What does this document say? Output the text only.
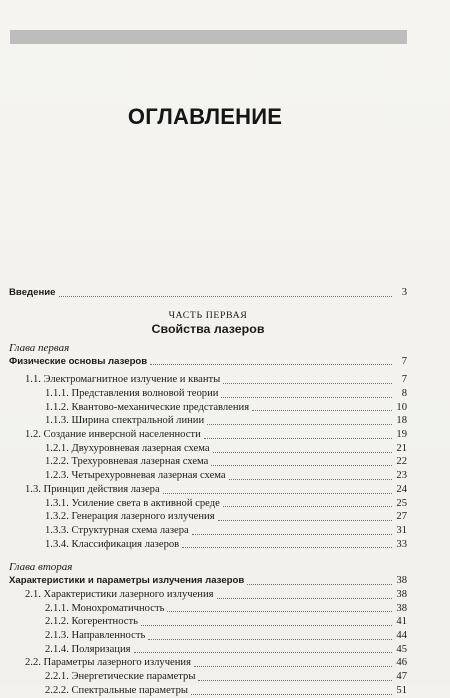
ОГЛАВЛЕНИЕ
Введение	3
ЧАСТЬ ПЕРВАЯ
Свойства лазеров
Глава первая
Физические основы лазеров	7
1.1. Электромагнитное излучение и кванты	7
1.1.1. Представления волновой теории	8
1.1.2. Квантово-механические представления	10
1.1.3. Ширина спектральной линии	18
1.2. Создание инверсной населенности	19
1.2.1. Двухуровневая лазерная схема	21
1.2.2. Трехуровневая лазерная схема	22
1.2.3. Четырехуровневая лазерная схема	23
1.3. Принцип действия лазера	24
1.3.1. Усиление света в активной среде	25
1.3.2. Генерация лазерного излучения	27
1.3.3. Структурная схема лазера	31
1.3.4. Классификация лазеров	33
Глава вторая
Характеристики и параметры излучения лазеров	38
2.1. Характеристики лазерного излучения	38
2.1.1. Монохроматичность	38
2.1.2. Когерентность	41
2.1.3. Направленность	44
2.1.4. Поляризация	45
2.2. Параметры лазерного излучения	46
2.2.1. Энергетические параметры	47
2.2.2. Спектральные параметры	51
